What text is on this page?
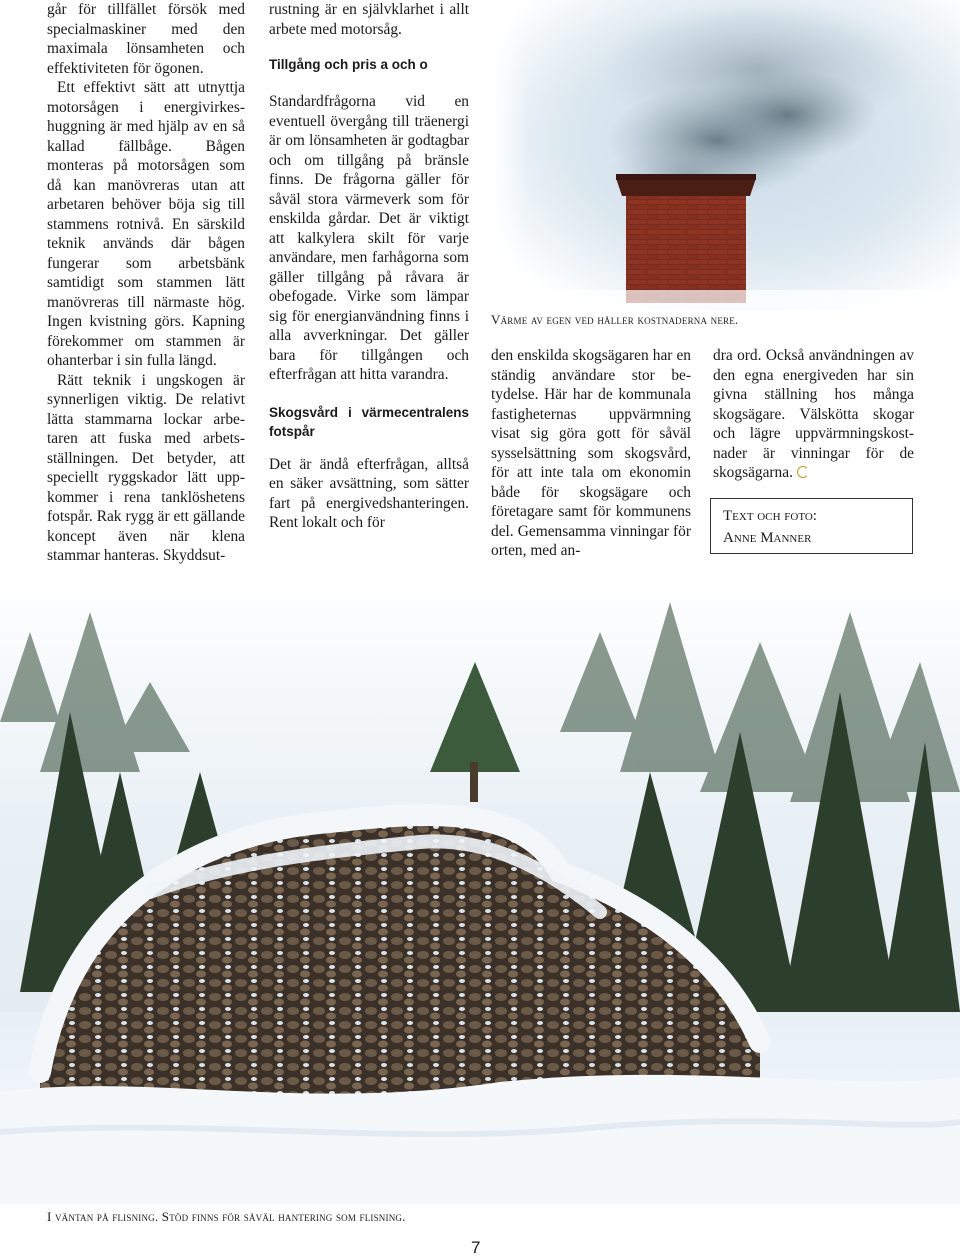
går för tillfället försök med specialmaskiner med den maximala lönsamheten och effektiviteten för ögonen.

Ett effektivt sätt att utnyttja motorsågen i energivirkeshuggning är med hjälp av en så kallad fällbåge. Bågen monteras på motorsågen som då kan manövreras utan att arbetaren behöver böja sig till stammens rotnivå. En särskild teknik används där bågen fungerar som arbetsbänk samtidigt som stammen lätt manövreras till närmaste hög. Ingen kvistning görs. Kapning förekommer om stammen är ohanterbar i sin fulla längd.

Rätt teknik i ungskogen är synnerligen viktig. De relativt lätta stammarna lockar arbetaren att fuska med arbetsställningen. Det betyder, att speciellt ryggskador lätt uppkommer i rena tanklöshetens fotspår. Rak rygg är ett gällande koncept även när klena stammar hanteras. Skyddsut-

rustning är en självklarhet i allt arbete med motorsåg.

Tillgång och pris a och o

Standardfrågorna vid en eventuell övergång till träenergi är om lönsamheten är godtagbar och om tillgång på bränsle finns. De frågorna gäller för såväl stora värmeverk som för enskilda gårdar. Det är viktigt att kalkylera skilt för varje användare, men farhågorna som gäller tillgång på råvara är obefogade. Virke som lämpar sig för energianvändning finns i alla avverkningar. Det gäller bara för tillgången och efterfrågan att hitta varandra.

Skogsvård i värmecentralens fotspår

Det är ändå efterfrågan, alltså en säker avsättning, som sätter fart på energivedshanteringen. Rent lokalt och för

Värme av egen ved håller kostnaderna nere.

den enskilda skogsägaren har en ständig användare stor betydelse. Här har de kommunala fastigheternas uppvärmning visat sig göra gott för såväl sysselsättning som skogsvård, för att inte tala om ekonomin både för skogsägare och företagare samt för kommunens del. Gemensamma vinningar för orten, med an-

dra ord. Också användningen av den egna energiveden har sin givna ställning hos många skogsägare. Välskötta skogar och lägre uppvärmningskostnader är vinningar för de skogsägarna.

Text och foto:
Anne Manner
I väntan på flisning. Stöd finns för såväl hantering som flisning.
7
